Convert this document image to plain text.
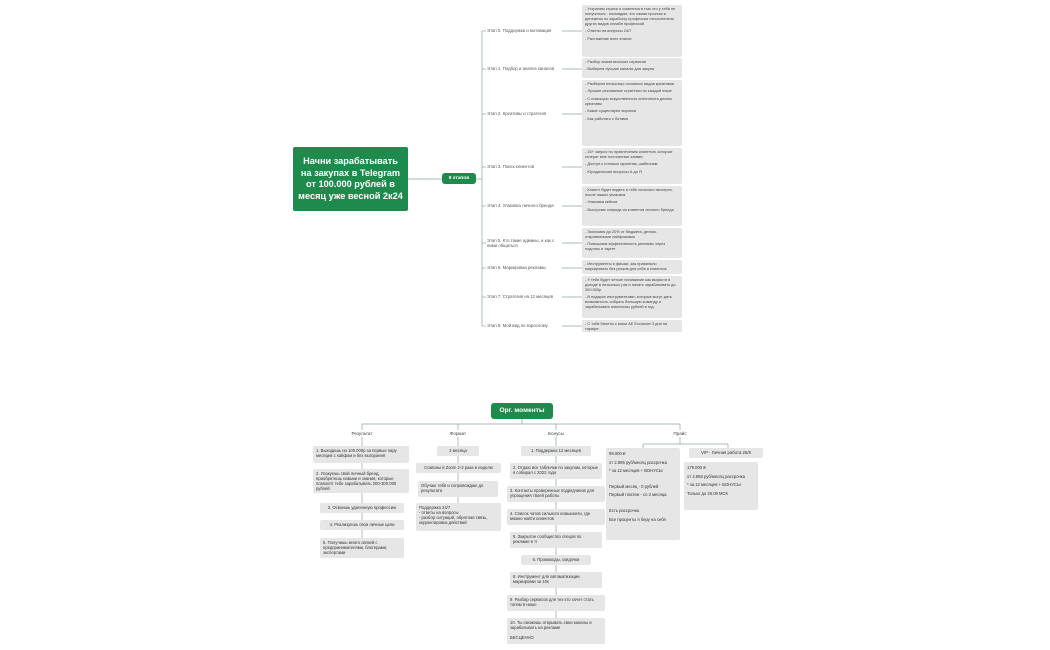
Начни зарабатывать на закупах в Telegram от 100.000 рублей в месяц уже весной 2к24
9 этапов
Этап 0. Поддержка и мотивация
Этап 1. Подбор и анализ каналов
Этап 2. Креативы и стратегия
Этап 3. Поиск клиентов
Этап 4. Упаковка личного бренда
Этап 5. Кто такие админы, и как с ними общаться
Этап 6. Маркировка рекламы
Этап 7. Стратегия на 12 месяцев
Этап 8. Мой вид по взрослому

- Устраним страхи и сомнения в том что у тебя не получиться - посмадим, это самая простая и денежная по заработку профессия относительно других видов онлайн профессий

- Ответы на вопросы 24/7

- Растяжение всех этапов

- Разбор аналитических сервисов

- Выберем лучшие каналы для закупа

- Разберем несколько основных видов креативов

- Лучшие рекламные стратегии по каждой нише

- С помощью искусственного интеллекта делать креативы

- Какие существуют воронки

- Как работать с ботами

- 15+ запрос по привлечению клиентов, которые генерят мне постоянные заявки

- Доступ к готовым скриптам, шаблонам

- Юридические вопросы А до Я

- Клиент будет видеть в тебе сильного эксперта, после наших упаковок

- Упаковка кейсов

- Выстроим очередь из клиентов личного бренда

- Экономия до 20% от бюджета, делясь откровенными лайфхаками

- Повышаем эффективность рекламы через подгоны и таргет

- Инструменты и фишки, как правильно маркировать без рисков для себя и клиентов

- У тебя будет четкое понимание как вырасти в доходе в несколько раз и начать зарабатывать до 300.000р

- В подарок инструментами, которые могут дать возможность собрать большую команду и зарабатывать миллионы рублей в год

- С тобя билеты с мини AE Exclusive 3 дня на тарифе

Орг. моменты
Результат	Формат	Бонусы	Прайс
1. Выходишь на 100.000р за первые пару месяцев с кайфом и без выгорания
2. Упакуешь свой личный бренд, приобретешь навыки и знания, которые позволят тебе зарабатывать 200-300.000 рублей
3. Освоишь удаленную профессию
4. Реализуешь свои личные цели
5. Получишь много связей с предпринимателями, блогерами, экспертами
2 месяца
Созвоны в Zoom 2-3 раза в неделю
Обучаю тебя и сопровождаю до результата
Поддержка 24/7
- ответы на вопросы
- разбор ситуаций, обратная связь, корректировка действий
1. Поддержка 12 месяцев
2. Отдаю все таблички по закупам, которые я собирал с 2022 года
3. Контакты проверенных подрядчиков для упрощения твоей работы
4. Список чатов сильного комьюнити, где можно найти клиентов
5. Закрытое сообщество спецов по рекламе в тг
6. Промокоды, скидочки
8. Инструмент для автоматизации маркировки за 10к
9. Разбор сервисов для тех кто хочет стать топом в нише
10. Ты сможешь открывать свои каналы и зарабатывать на рекламе

БЕСЦЕННО

99.000 ₽

от 2.895 руб/месяц рассрочка

* за 12 месяцев + ВОНУСЫ

Первый месяц - 0 рублей

Первый платеж - со 2 месяца

Есть рассрочка

Все проценты я беру на себя

VIP - Личная работа 25/8

179.000 ₽

от 4.958 руб/месяц рассрочка

* за 12 месяцев + БОНУСЫ

Только до 25.09 МСК
